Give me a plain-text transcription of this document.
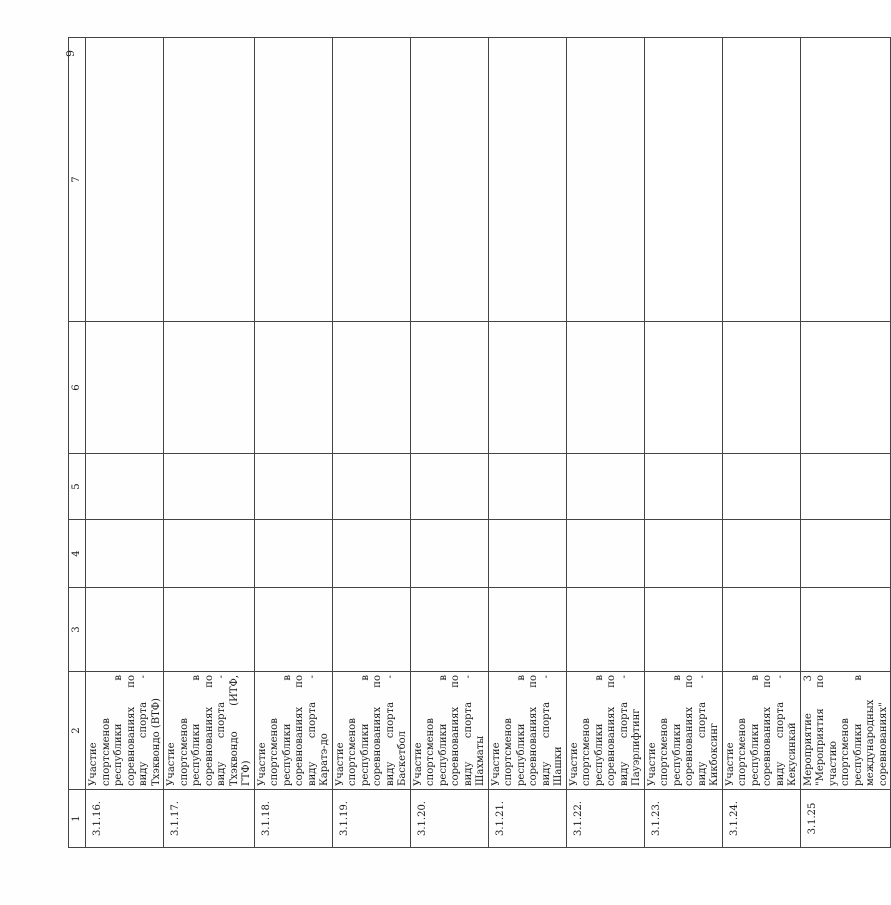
9
1	2	3	4	5	6	7
3.1.16.	Участие спортсменов республики в соревнованиях по виду спорта - Тхэквондо (ВТФ)					
3.1.17.	Участие спортсменов республики в соревнованиях по виду спорта - Тхэквондо (ИТФ, ГТФ)					
3.1.18.	Участие спортсменов республики в соревнованиях по виду спорта - Каратэ-до					
3.1.19.	Участие спортсменов республики в соревнованиях по виду спорта - Баскетбол					
3.1.20.	Участие спортсменов республики в соревнованиях по виду спорта - Шахматы					
3.1.21.	Участие спортсменов республики в соревнованиях по виду спорта - Шашки					
3.1.22.	Участие спортсменов республики в соревнованиях по виду спорта - Пауэрлифтинг					
3.1.23.	Участие спортсменов республики в соревнованиях по виду спорта - Кикбоксинг					
3.1.24.	Участие спортсменов республики в соревнованиях по виду спорта - Кекусинкай					
3.1.25	Мероприятие 3 "Мероприятия по участию спортсменов республики в международных соревнованиях"					
